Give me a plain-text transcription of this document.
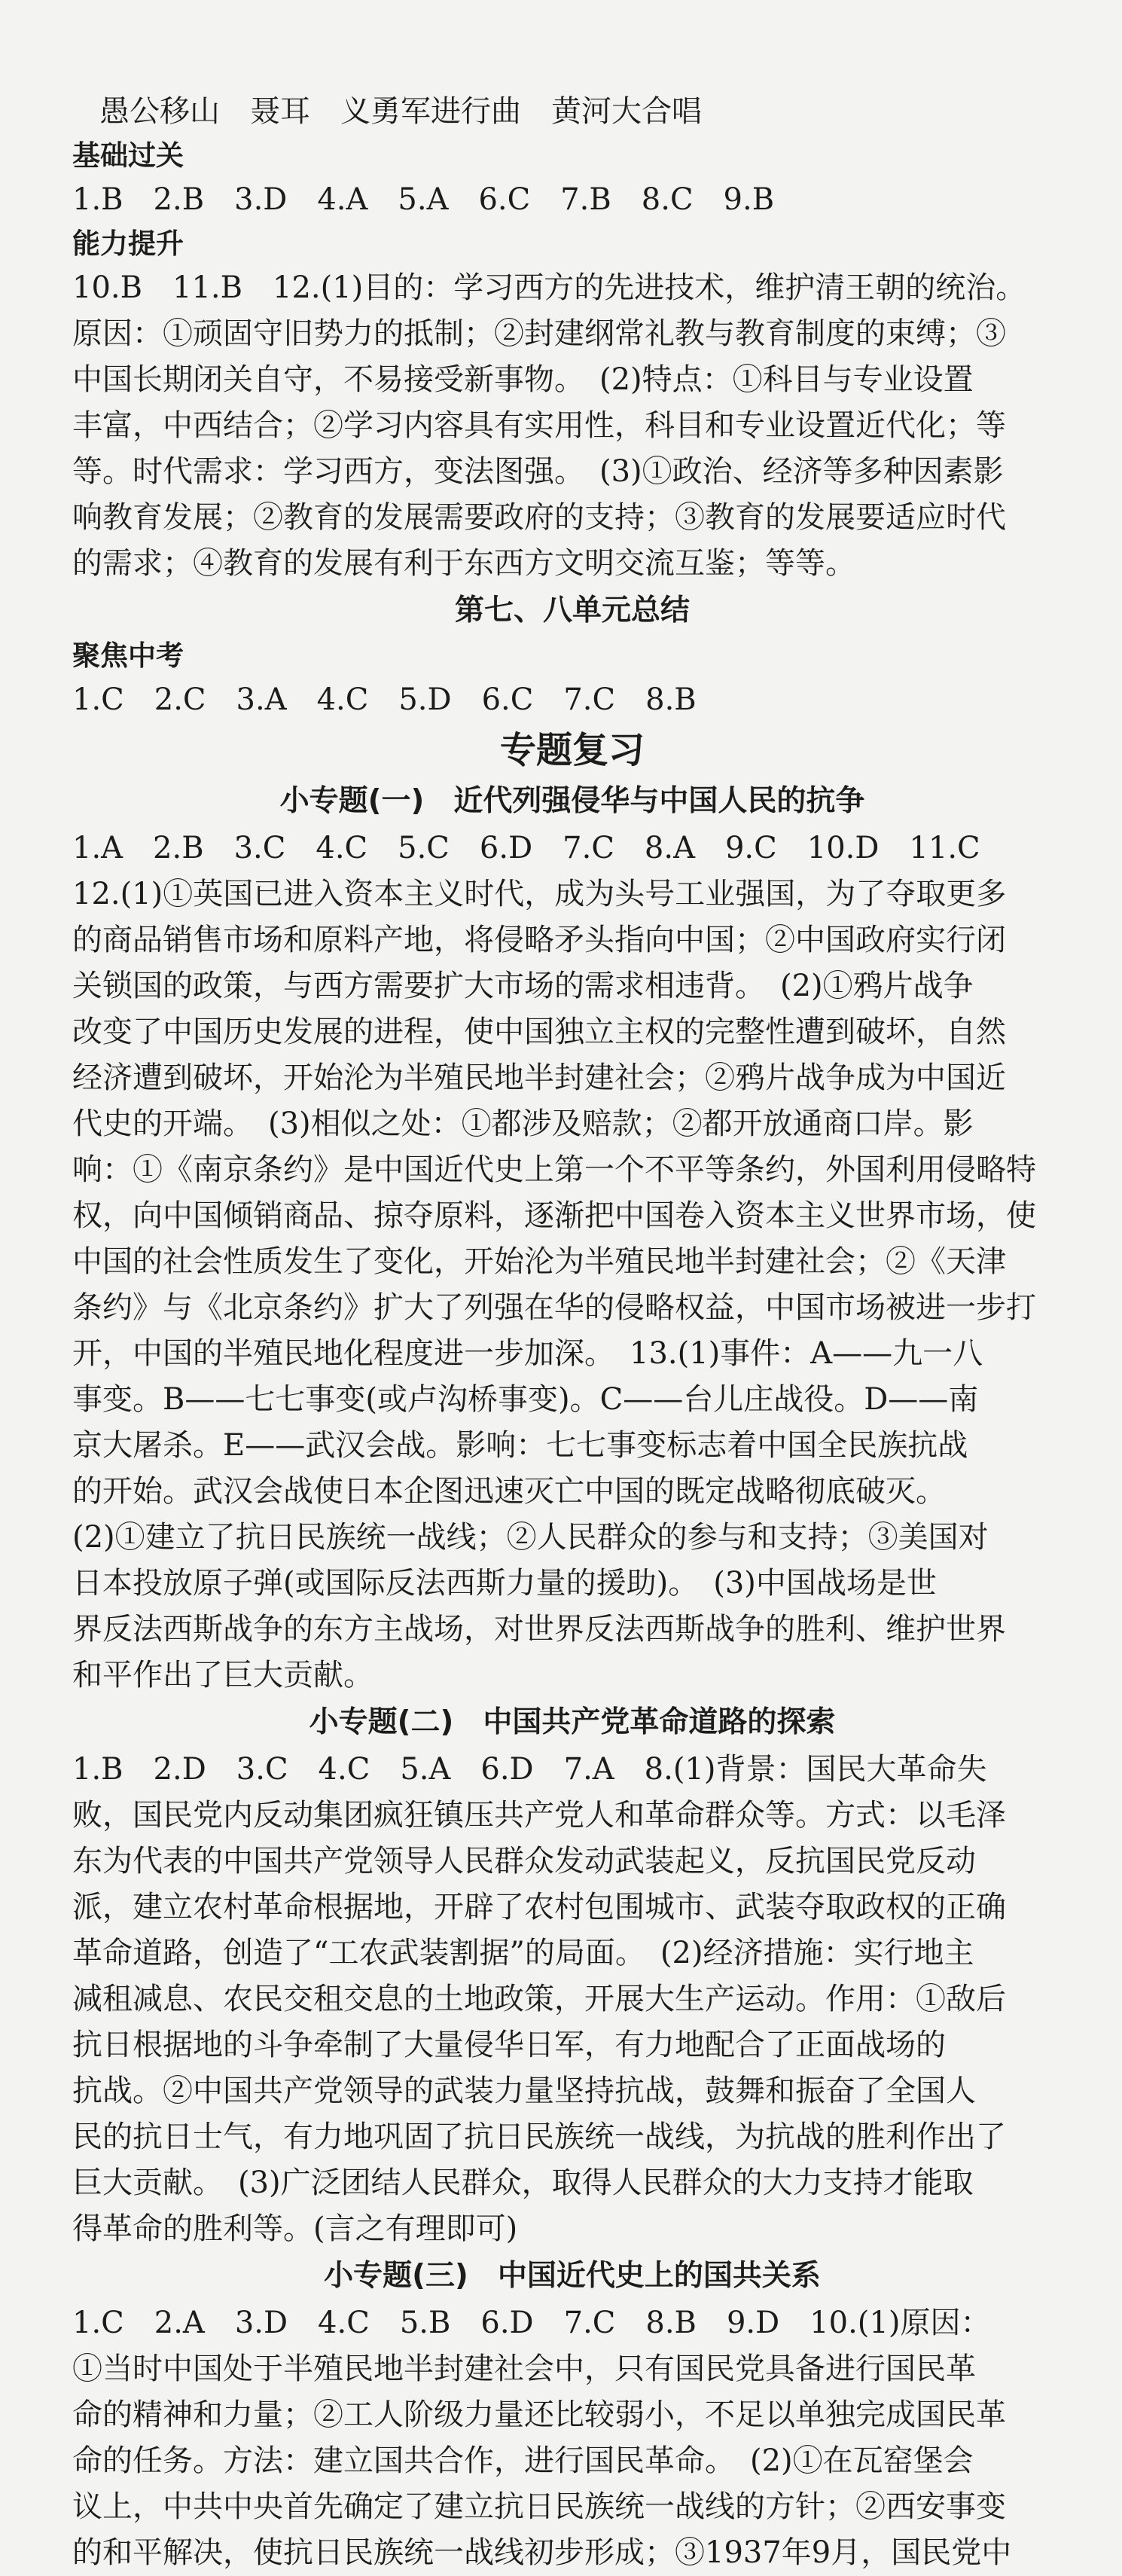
愚公移山　聂耳　义勇军进行曲　黄河大合唱
基础过关
1.B　2.B　3.D　4.A　5.A　6.C　7.B　8.C　9.B
能力提升
10.B　11.B　12.(1)目的：学习西方的先进技术，维护清王朝的统治。
原因：①顽固守旧势力的抵制；②封建纲常礼教与教育制度的束缚；③
中国长期闭关自守，不易接受新事物。　(2)特点：①科目与专业设置
丰富，中西结合；②学习内容具有实用性，科目和专业设置近代化；等
等。时代需求：学习西方，变法图强。　(3)①政治、经济等多种因素影
响教育发展；②教育的发展需要政府的支持；③教育的发展要适应时代
的需求；④教育的发展有利于东西方文明交流互鉴；等等。
第七、八单元总结
聚焦中考
1.C　2.C　3.A　4.C　5.D　6.C　7.C　8.B
专题复习
小专题(一)　近代列强侵华与中国人民的抗争
1.A　2.B　3.C　4.C　5.C　6.D　7.C　8.A　9.C　10.D　11.C
12.(1)①英国已进入资本主义时代，成为头号工业强国，为了夺取更多
的商品销售市场和原料产地，将侵略矛头指向中国；②中国政府实行闭
关锁国的政策，与西方需要扩大市场的需求相违背。　(2)①鸦片战争
改变了中国历史发展的进程，使中国独立主权的完整性遭到破坏，自然
经济遭到破坏，开始沦为半殖民地半封建社会；②鸦片战争成为中国近
代史的开端。　(3)相似之处：①都涉及赔款；②都开放通商口岸。影
响：①《南京条约》是中国近代史上第一个不平等条约，外国利用侵略特
权，向中国倾销商品、掠夺原料，逐渐把中国卷入资本主义世界市场，使
中国的社会性质发生了变化，开始沦为半殖民地半封建社会；②《天津
条约》与《北京条约》扩大了列强在华的侵略权益，中国市场被进一步打
开，中国的半殖民地化程度进一步加深。　13.(1)事件：A——九一八
事变。B——七七事变(或卢沟桥事变)。C——台儿庄战役。D——南
京大屠杀。E——武汉会战。影响：七七事变标志着中国全民族抗战
的开始。武汉会战使日本企图迅速灭亡中国的既定战略彻底破灭。
(2)①建立了抗日民族统一战线；②人民群众的参与和支持；③美国对
日本投放原子弹(或国际反法西斯力量的援助)。　(3)中国战场是世
界反法西斯战争的东方主战场，对世界反法西斯战争的胜利、维护世界
和平作出了巨大贡献。
小专题(二)　中国共产党革命道路的探索
1.B　2.D　3.C　4.C　5.A　6.D　7.A　8.(1)背景：国民大革命失
败，国民党内反动集团疯狂镇压共产党人和革命群众等。方式：以毛泽
东为代表的中国共产党领导人民群众发动武装起义，反抗国民党反动
派，建立农村革命根据地，开辟了农村包围城市、武装夺取政权的正确
革命道路，创造了“工农武装割据”的局面。　(2)经济措施：实行地主
减租减息、农民交租交息的土地政策，开展大生产运动。作用：①敌后
抗日根据地的斗争牵制了大量侵华日军，有力地配合了正面战场的
抗战。②中国共产党领导的武装力量坚持抗战，鼓舞和振奋了全国人
民的抗日士气，有力地巩固了抗日民族统一战线，为抗战的胜利作出了
巨大贡献。　(3)广泛团结人民群众，取得人民群众的大力支持才能取
得革命的胜利等。(言之有理即可)
小专题(三)　中国近代史上的国共关系
1.C　2.A　3.D　4.C　5.B　6.D　7.C　8.B　9.D　10.(1)原因：
①当时中国处于半殖民地半封建社会中，只有国民党具备进行国民革
命的精神和力量；②工人阶级力量还比较弱小，不足以单独完成国民革
命的任务。方法：建立国共合作，进行国民革命。　(2)①在瓦窑堡会
议上，中共中央首先确定了建立抗日民族统一战线的方针；②西安事变
的和平解决，使抗日民族统一战线初步形成；③1937年9月，国民党中
